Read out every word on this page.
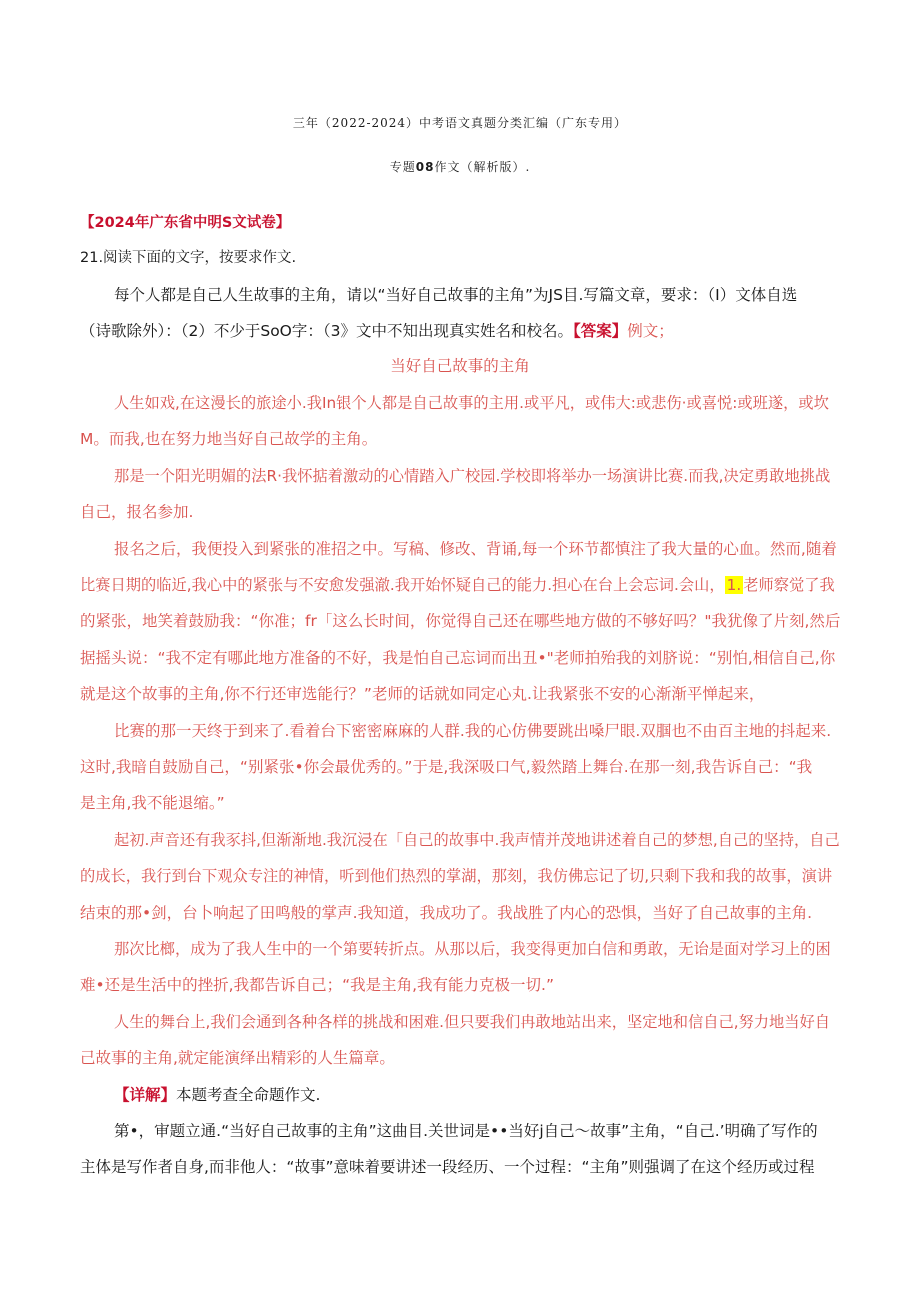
三年（2022-2024）中考语文真题分类汇编（广东专用）
专题08作文（解析版）.
【2024年广东省中明S文试卷】
21.阅读下面的文字，按要求作文.
每个人都是自己人生故事的主角，请以“当好自己故事的主角”为JS目.写篇文章，要求：（I）文体自选
（诗歌除外）：（2）不少于SoO字：（3》文中不知出现真实姓名和校名。【答案】例文；
当好自己故事的主角
人生如戏,在这漫长的旅途小.我In银个人都是自己故事的主用.或平凡，或伟大:或悲伤·或喜悦:或班遂，或坎
M。而我,也在努力地当好自己故学的主角。
那是一个阳光明媚的法R·我怀掂着激动的心情踏入广校园.学校即将举办一场演讲比赛.而我,决定勇敢地挑战
自己，报名参加.
报名之后，我便投入到紧张的准招之中。写稿、修改、背诵,每一个环节都慎注了我大量的心血。然而,随着
比赛日期的临近,我心中的紧张与不安愈发强澈.我开始怀疑自己的能力.担心在台上会忘词.会山， 1. 老师察觉了我
的紧张，地笑着鼓励我：“你准；fr「这么长时间，你觉得自己还在哪些地方做的不够好吗？"我犹像了片刻,然后
据摇头说：“我不定有哪此地方准备的不好，我是怕自己忘词而出丑•"老师拍殆我的刘脐说：“别怕,相信自己,你
就是这个故事的主角,你不行还审选能行？”老师的话就如同定心丸.让我紧张不安的心渐渐平惮起来，
比赛的那一天终于到来了.看着台下密密麻麻的人群.我的心仿佛要跳出嗓尸眼.双腘也不由百主地的抖起来.
这时,我暗自鼓励自己，“别紧张•你会最优秀的。”于是,我深吸口气,毅然踏上舞台.在那一刻,我告诉自己：“我
是主角,我不能退缩。”
起初.声音还有我豕抖,但渐渐地.我沉浸在「自己的故事中.我声情并茂地讲述着自己的梦想,自己的坚持，自己
的成长，我行到台下观众专注的神情，听到他们热烈的掌湖，那刻，我仿佛忘记了切,只剩下我和我的故事，演讲
结束的那•剑，台卜响起了田鸣般的掌声.我知道，我成功了。我战胜了内心的恐惧，当好了自己故事的主角.
那次比榔，成为了我人生中的一个第要转折点。从那以后，我变得更加白信和勇敢，无诒是面对学习上的困
难•还是生活中的挫折,我都告诉自己；“我是主角,我有能力克极一切.”
人生的舞台上,我们会通到各种各样的挑战和困难.但只要我们冉敢地站出来，坚定地和信自己,努力地当好自
己故事的主角,就定能演绎出精彩的人生篇章。
【详解】本题考查全命题作文.
第•，审题立通.“当好自己故事的主角”这曲目.关世词是••当好j自己〜故事”主角，“自己.’明确了写作的
主体是写作者自身,而非他人：“故事”意味着要讲述一段经历、一个过程：“主角”则强调了在这个经历或过程
